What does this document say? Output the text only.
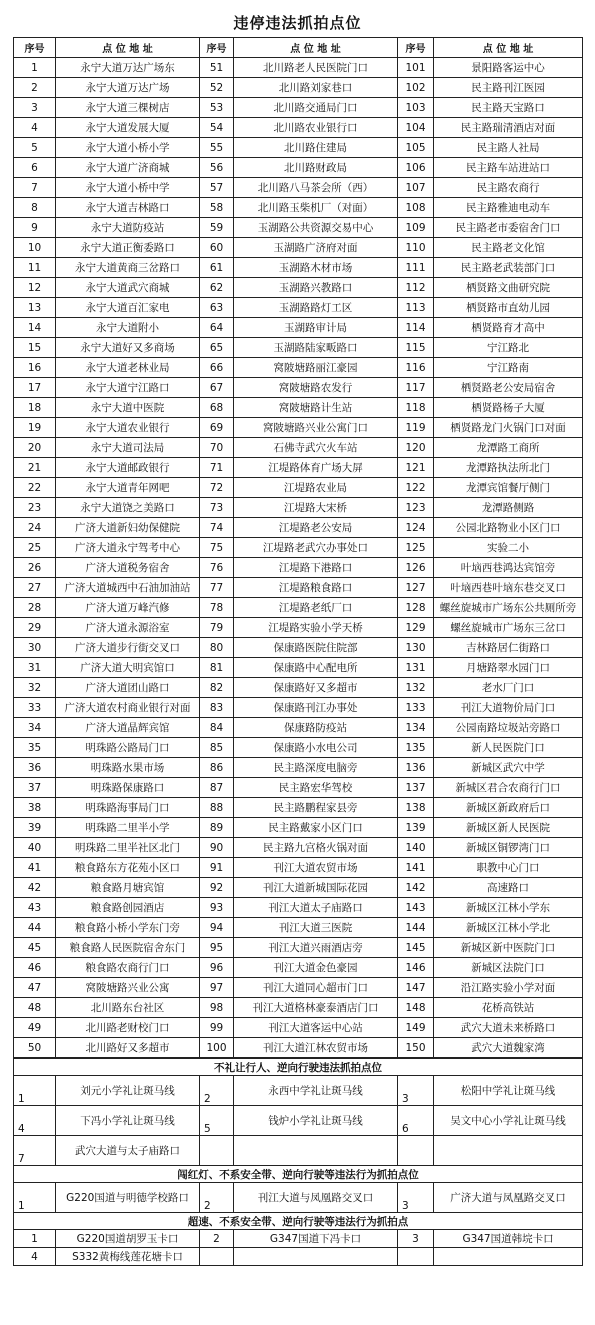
违停违法抓拍点位
序号	点 位 地 址	序号	点 位 地 址	序号	点 位 地 址
1	永宁大道万达广场东	51	北川路老人民医院门口	101	景阳路客运中心
2	永宁大道万达广场	52	北川路刘家巷口	102	民主路刊江医园
3	永宁大道三棵树店	53	北川路交通局门口	103	民主路天宝路口
4	永宁大道发展大厦	54	北川路农业银行口	104	民主路瑞清酒店对面
5	永宁大道小桥小学	55	北川路住建局	105	民主路人社局
6	永宁大道广济商城	56	北川路财政局	106	民主路车站进站口
7	永宁大道小桥中学	57	北川路八马茶会所（西）	107	民主路农商行
8	永宁大道吉林路口	58	北川路玉柴机厂（对面）	108	民主路雅迪电动车
9	永宁大道防疫站	59	玉湖路公共资源交易中心	109	民主路老市委宿舍门口
10	永宁大道正衡委路口	60	玉湖路广济府对面	110	民主路老文化馆
11	永宁大道黄商三岔路口	61	玉湖路木材市场	111	民主路老武装部门口
12	永宁大道武穴商城	62	玉湖路兴教路口	112	栖贤路文曲研究院
13	永宁大道百汇家电	63	玉湖路路灯工区	113	栖贤路市直幼儿园
14	永宁大道附小	64	玉湖路审计局	114	栖贤路育才高中
15	永宁大道好又多商场	65	玉湖路陆家畈路口	115	宁江路北
16	永宁大道老林业局	66	窝陂塘路丽江豪园	116	宁江路南
17	永宁大道宁江路口	67	窝陂塘路农发行	117	栖贤路老公安局宿舍
18	永宁大道中医院	68	窝陂塘路计生站	118	栖贤路杨子大厦
19	永宁大道农业银行	69	窝陂塘路兴业公寓门口	119	栖贤路龙门火锅门口对面
20	永宁大道司法局	70	石佛寺武穴火车站	120	龙潭路工商所
21	永宁大道邮政银行	71	江堤路体育广场大屏	121	龙潭路执法所北门
22	永宁大道青年网吧	72	江堤路农业局	122	龙潭宾馆餐厅侧门
23	永宁大道饶之美路口	73	江堤路大宋桥	123	龙潭路侧路
24	广济大道新妇幼保健院	74	江堤路老公安局	124	公园北路物业小区门口
25	广济大道永宁驾考中心	75	江堤路老武穴办事处口	125	实验二小
26	广济大道税务宿舍	76	江堤路下港路口	126	叶垴西巷鸿达宾馆旁
27	广济大道城西中石油加油站	77	江堤路粮食路口	127	叶垴西巷叶垴东巷交叉口
28	广济大道万峰汽修	78	江堤路老纸厂口	128	螺丝旋城市广场东公共厕所旁
29	广济大道永源浴室	79	江堤路实验小学天桥	129	螺丝旋城市广场东三岔口
30	广济大道步行街交叉口	80	保康路医院住院部	130	吉林路居仁街路口
31	广济大道大明宾馆口	81	保康路中心配电所	131	月塘路翠水园门口
32	广济大道团山路口	82	保康路好又多超市	132	老水厂门口
33	广济大道农村商业银行对面	83	保康路刊江办事处	133	刊江大道物价局门口
34	广济大道晶辉宾馆	84	保康路防疫站	134	公园南路垃圾站旁路口
35	明珠路公路局门口	85	保康路小水电公司	135	新人民医院门口
36	明珠路水果市场	86	民主路深度电脑旁	136	新城区武穴中学
37	明珠路保康路口	87	民主路宏华驾校	137	新城区君合农商行门口
38	明珠路海事局门口	88	民主路鹏程家县旁	138	新城区新政府后口
39	明珠路二里半小学	89	民主路戴家小区门口	139	新城区新人民医院
40	明珠路二里半社区北门	90	民主路九宫格火锅对面	140	新城区铜锣湾门口
41	粮食路东方花苑小区口	91	刊江大道农贸市场	141	职教中心门口
42	粮食路月塘宾馆	92	刊江大道新城国际花园	142	高速路口
43	粮食路创园酒店	93	刊江大道太子庙路口	143	新城区江林小学东
44	粮食路小桥小学东门旁	94	刊江大道三医院	144	新城区江林小学北
45	粮食路人民医院宿舍东门	95	刊江大道兴雨酒店旁	145	新城区新中医院门口
46	粮食路农商行门口	96	刊江大道金色豪园	146	新城区法院门口
47	窝陂塘路兴业公寓	97	刊江大道同心超市门口	147	沿江路实验小学对面
48	北川路东台社区	98	刊江大道格林豪泰酒店门口	148	花桥高铁站
49	北川路老财校门口	99	刊江大道客运中心站	149	武穴大道未来桥路口
50	北川路好又多超市	100	刊江大道江林农贸市场	150	武穴大道魏家湾
不礼让行人、逆向行驶违法抓拍点位					
1	刘元小学礼让斑马线	2	永西中学礼让斑马线	3	松阳中学礼让斑马线
4	下冯小学礼让斑马线	5	钱炉小学礼让斑马线	6	吴文中心小学礼让斑马线
7	武穴大道与太子庙路口				
闯红灯、不系安全带、逆向行驶等违法行为抓拍点位					
1	G220国道与明德学校路口	2	刊江大道与凤凰路交叉口	3	广济大道与凤凰路交叉口
超速、不系安全带、逆向行驶等违法行为抓拍点					
1	G220国道胡罗玉卡口	2	G347国道下冯卡口	3	G347国道韩垸卡口
4	S332黄梅线莲花塘卡口				
